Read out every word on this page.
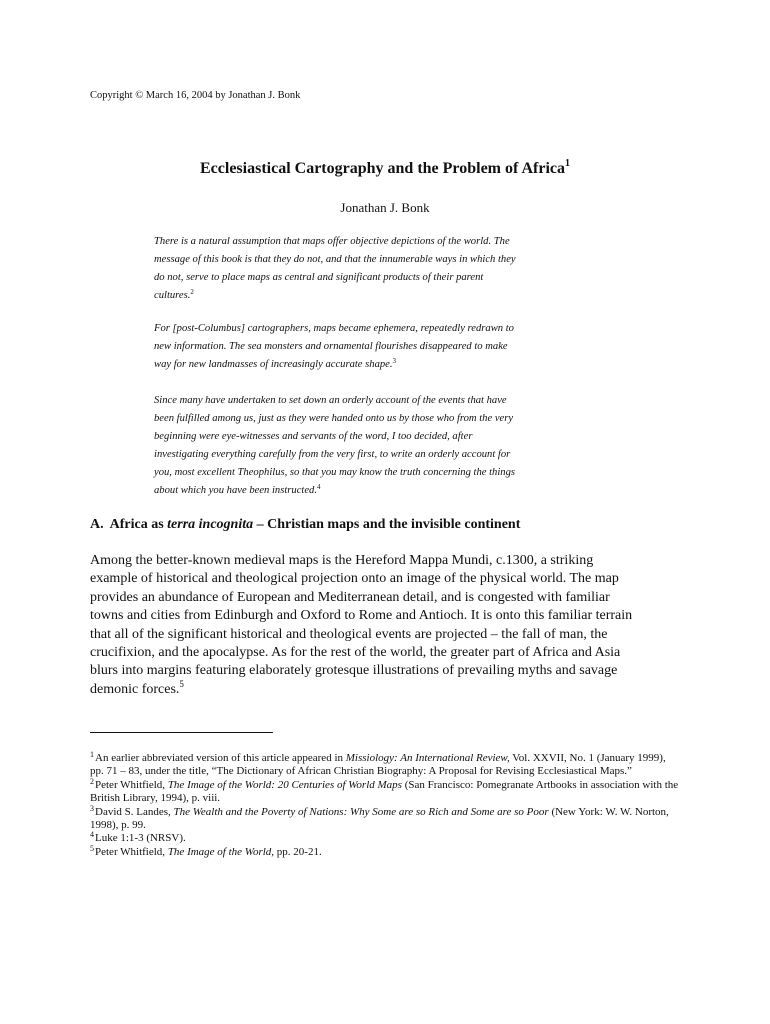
Copyright © March 16, 2004 by Jonathan J. Bonk
Ecclesiastical Cartography and the Problem of Africa$^1$
Jonathan J. Bonk
There is a natural assumption that maps offer objective depictions of the world. The
message of this book is that they do not, and that the innumerable ways in which they
do not, serve to place maps as central and significant products of their parent
cultures.$^2$
For [post-Columbus] cartographers, maps became ephemera, repeatedly redrawn to
new information. The sea monsters and ornamental flourishes disappeared to make
way for new landmasses of increasingly accurate shape.$^3$
Since many have undertaken to set down an orderly account of the events that have
been fulfilled among us, just as they were handed onto us by those who from the very
beginning were eye-witnesses and servants of the word, I too decided, after
investigating everything carefully from the very first, to write an orderly account for
you, most excellent Theophilus, so that you may know the truth concerning the things
about which you have been instructed.$^4$
A. Africa as terra incognita – Christian maps and the invisible continent
Among the better-known medieval maps is the Hereford Mappa Mundi, c.1300, a striking
example of historical and theological projection onto an image of the physical world. The map
provides an abundance of European and Mediterranean detail, and is congested with familiar
towns and cities from Edinburgh and Oxford to Rome and Antioch. It is onto this familiar terrain
that all of the significant historical and theological events are projected – the fall of man, the
crucifixion, and the apocalypse. As for the rest of the world, the greater part of Africa and Asia
blurs into margins featuring elaborately grotesque illustrations of prevailing myths and savage
demonic forces.$^5$

$^1$An earlier abbreviated version of this article appeared in Missiology: An International Review, Vol. XXVII, No. 1 (January 1999), pp. 71 – 83, under the title, “The Dictionary of African Christian Biography: A Proposal for Revising Ecclesiastical Maps.”

$^2$Peter Whitfield, The Image of the World: 20 Centuries of World Maps (San Francisco: Pomegranate Artbooks in association with the British Library, 1994), p. viii.

$^3$David S. Landes, The Wealth and the Poverty of Nations: Why Some are so Rich and Some are so Poor (New York: W. W. Norton, 1998), p. 99.

$^4$Luke 1:1-3 (NRSV).

$^5$Peter Whitfield, The Image of the World, pp. 20-21.
